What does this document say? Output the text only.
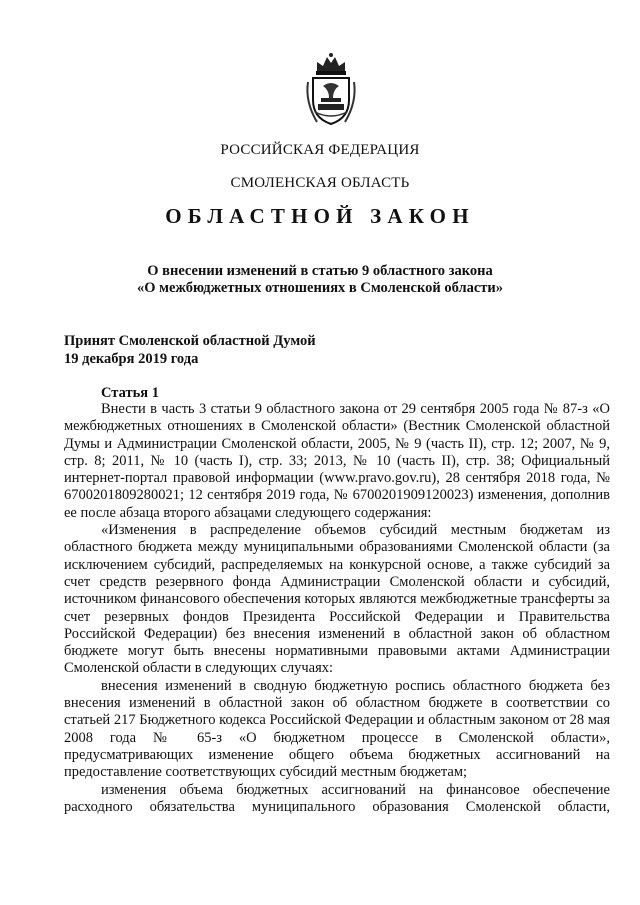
РОССИЙСКАЯ ФЕДЕРАЦИЯ
СМОЛЕНСКАЯ ОБЛАСТЬ
ОБЛАСТНОЙ ЗАКОН
О внесении изменений в статью 9 областного закона
«О межбюджетных отношениях в Смоленской области»
Принят Смоленской областной Думой
19 декабря 2019 года
Статья 1

Внести в часть 3 статьи 9 областного закона от 29 сентября 2005 года № 87-з «О межбюджетных отношениях в Смоленской области» (Вестник Смоленской областной Думы и Администрации Смоленской области, 2005, № 9 (часть II), стр. 12; 2007, № 9, стр. 8; 2011, № 10 (часть I), стр. 33; 2013, № 10 (часть II), стр. 38; Официальный интернет-портал правовой информации (www.pravo.gov.ru), 28 сентября 2018 года, № 6700201809280021; 12 сентября 2019 года, № 6700201909120023) изменения, дополнив ее после абзаца второго абзацами следующего содержания:

«Изменения в распределение объемов субсидий местным бюджетам из областного бюджета между муниципальными образованиями Смоленской области (за исключением субсидий, распределяемых на конкурсной основе, а также субсидий за счет средств резервного фонда Администрации Смоленской области и субсидий, источником финансового обеспечения которых являются межбюджетные трансферты за счет резервных фондов Президента Российской Федерации и Правительства Российской Федерации) без внесения изменений в областной закон об областном бюджете могут быть внесены нормативными правовыми актами Администрации Смоленской области в следующих случаях:

внесения изменений в сводную бюджетную роспись областного бюджета без внесения изменений в областной закон об областном бюджете в соответствии со статьей 217 Бюджетного кодекса Российской Федерации и областным законом от 28 мая 2008 года № 65-з «О бюджетном процессе в Смоленской области», предусматривающих изменение общего объема бюджетных ассигнований на предоставление соответствующих субсидий местным бюджетам;

изменения объема бюджетных ассигнований на финансовое обеспечение расходного обязательства муниципального образования Смоленской области,
